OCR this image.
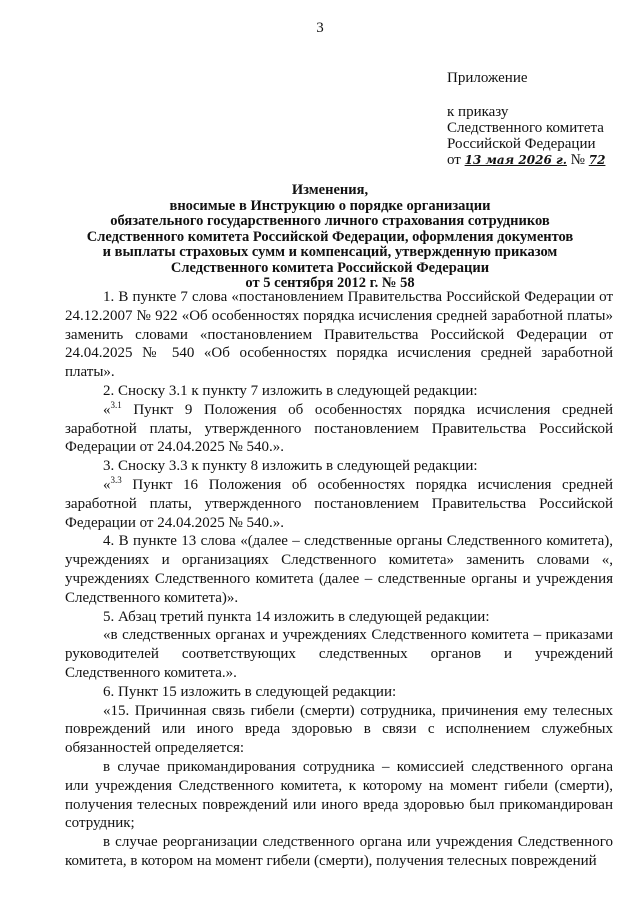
3
Приложение
к приказу
Следственного комитета
Российской Федерации
от 13 мая 2026 г. № 72
Изменения,
вносимые в Инструкцию о порядке организации
обязательного государственного личного страхования сотрудников
Следственного комитета Российской Федерации, оформления документов
и выплаты страховых сумм и компенсаций, утвержденную приказом
Следственного комитета Российской Федерации
от 5 сентября 2012 г. № 58

1. В пункте 7 слова «постановлением Правительства Российской Федерации от 24.12.2007 № 922 «Об особенностях порядка исчисления средней заработной платы» заменить словами «постановлением Правительства Российской Федерации от 24.04.2025 № 540 «Об особенностях порядка исчисления средней заработной платы».

2. Сноску 3.1 к пункту 7 изложить в следующей редакции:

«$^{3.1}$ Пункт 9 Положения об особенностях порядка исчисления средней заработной платы, утвержденного постановлением Правительства Российской Федерации от 24.04.2025 № 540.».

3. Сноску 3.3 к пункту 8 изложить в следующей редакции:

«$^{3.3}$ Пункт 16 Положения об особенностях порядка исчисления средней заработной платы, утвержденного постановлением Правительства Российской Федерации от 24.04.2025 № 540.».

4. В пункте 13 слова «(далее – следственные органы Следственного комитета), учреждениях и организациях Следственного комитета» заменить словами «, учреждениях Следственного комитета (далее – следственные органы и учреждения Следственного комитета)».

5. Абзац третий пункта 14 изложить в следующей редакции:

«в следственных органах и учреждениях Следственного комитета – приказами руководителей соответствующих следственных органов и учреждений Следственного комитета.».

6. Пункт 15 изложить в следующей редакции:

«15. Причинная связь гибели (смерти) сотрудника, причинения ему телесных повреждений или иного вреда здоровью в связи с исполнением служебных обязанностей определяется:

в случае прикомандирования сотрудника – комиссией следственного органа или учреждения Следственного комитета, к которому на момент гибели (смерти), получения телесных повреждений или иного вреда здоровью был прикомандирован сотрудник;

в случае реорганизации следственного органа или учреждения Следственного комитета, в котором на момент гибели (смерти), получения телесных повреждений
